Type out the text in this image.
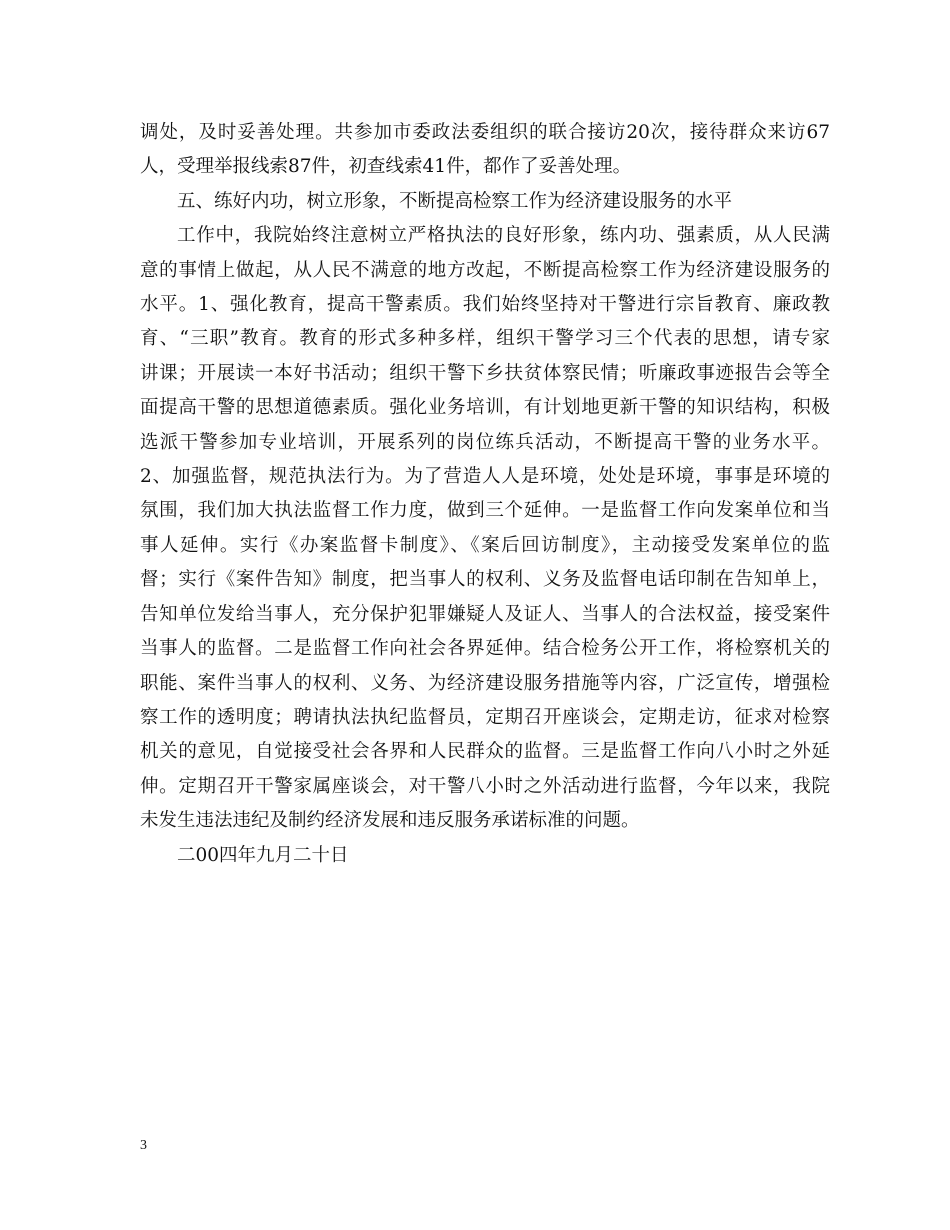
调处，及时妥善处理。共参加市委政法委组织的联合接访20次，接待群众来访67
人，受理举报线索87件，初查线索41件，都作了妥善处理。

五、练好内功，树立形象，不断提高检察工作为经济建设服务的水平

工作中，我院始终注意树立严格执法的良好形象，练内功、强素质，从人民满
意的事情上做起，从人民不满意的地方改起，不断提高检察工作为经济建设服务的
水平。1、强化教育，提高干警素质。我们始终坚持对干警进行宗旨教育、廉政教
育、“三职”教育。教育的形式多种多样，组织干警学习三个代表的思想，请专家
讲课；开展读一本好书活动；组织干警下乡扶贫体察民情；听廉政事迹报告会等全
面提高干警的思想道德素质。强化业务培训，有计划地更新干警的知识结构，积极
选派干警参加专业培训，开展系列的岗位练兵活动，不断提高干警的业务水平。
2、加强监督，规范执法行为。为了营造人人是环境，处处是环境，事事是环境的
氛围，我们加大执法监督工作力度，做到三个延伸。一是监督工作向发案单位和当
事人延伸。实行《办案监督卡制度》、《案后回访制度》，主动接受发案单位的监
督；实行《案件告知》制度，把当事人的权利、义务及监督电话印制在告知单上，
告知单位发给当事人，充分保护犯罪嫌疑人及证人、当事人的合法权益，接受案件
当事人的监督。二是监督工作向社会各界延伸。结合检务公开工作，将检察机关的
职能、案件当事人的权利、义务、为经济建设服务措施等内容，广泛宣传，增强检
察工作的透明度；聘请执法执纪监督员，定期召开座谈会，定期走访，征求对检察
机关的意见，自觉接受社会各界和人民群众的监督。三是监督工作向八小时之外延
伸。定期召开干警家属座谈会，对干警八小时之外活动进行监督，今年以来，我院
未发生违法违纪及制约经济发展和违反服务承诺标准的问题。

二00四年九月二十日

3
